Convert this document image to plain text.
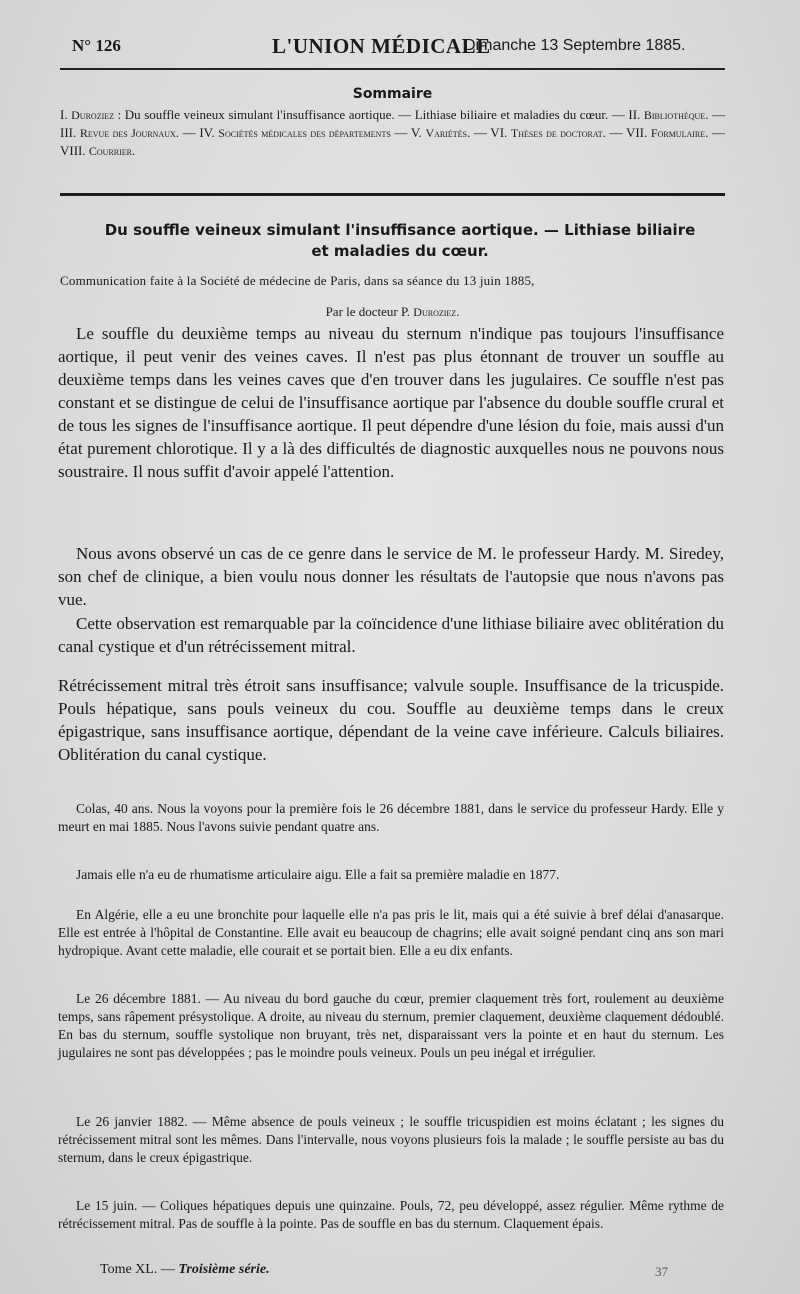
N° 126	L'UNION MÉDICALE
Dimanche 13 Septembre 1885.
Sommaire
I. Duroziez : Du souffle veineux simulant l'insuffisance aortique. — Lithiase biliaire et maladies du cœur. — II. Bibliothèque. — III. Revue des Journaux. — IV. Sociétés médicales des départements — V. Variétés. — VI. Thèses de doctorat. — VII. Formulaire. — VIII. Courrier.
Du souffle veineux simulant l'insuffisance aortique. — Lithiase biliaire
et maladies du cœur.
Communication faite à la Société de médecine de Paris, dans sa séance du 13 juin 1885,
Par le docteur P. Duroziez.

Le souffle du deuxième temps au niveau du sternum n'indique pas toujours l'insuffisance aortique, il peut venir des veines caves. Il n'est pas plus étonnant de trouver un souffle au deuxième temps dans les veines caves que d'en trouver dans les jugulaires. Ce souffle n'est pas constant et se distingue de celui de l'insuffisance aortique par l'absence du double souffle crural et de tous les signes de l'insuffisance aortique. Il peut dépendre d'une lésion du foie, mais aussi d'un état purement chlorotique. Il y a là des difficultés de diagnostic auxquelles nous ne pouvons nous soustraire. Il nous suffit d'avoir appelé l'attention.

Nous avons observé un cas de ce genre dans le service de M. le professeur Hardy. M. Siredey, son chef de clinique, a bien voulu nous donner les résultats de l'autopsie que nous n'avons pas vue.

Cette observation est remarquable par la coïncidence d'une lithiase biliaire avec oblitération du canal cystique et d'un rétrécissement mitral.

Rétrécissement mitral très étroit sans insuffisance; valvule souple. Insuffisance de la tricuspide. Pouls hépatique, sans pouls veineux du cou. Souffle au deuxième temps dans le creux épigastrique, sans insuffisance aortique, dépendant de la veine cave inférieure. Calculs biliaires. Oblitération du canal cystique.

Colas, 40 ans. Nous la voyons pour la première fois le 26 décembre 1881, dans le service du professeur Hardy. Elle y meurt en mai 1885. Nous l'avons suivie pendant quatre ans.

Jamais elle n'a eu de rhumatisme articulaire aigu. Elle a fait sa première maladie en 1877.

En Algérie, elle a eu une bronchite pour laquelle elle n'a pas pris le lit, mais qui a été suivie à bref délai d'anasarque. Elle est entrée à l'hôpital de Constantine. Elle avait eu beaucoup de chagrins; elle avait soigné pendant cinq ans son mari hydropique. Avant cette maladie, elle courait et se portait bien. Elle a eu dix enfants.

Le 26 décembre 1881. — Au niveau du bord gauche du cœur, premier claquement très fort, roulement au deuxième temps, sans râpement présystolique. A droite, au niveau du sternum, premier claquement, deuxième claquement dédoublé. En bas du sternum, souffle systolique non bruyant, très net, disparaissant vers la pointe et en haut du sternum. Les jugulaires ne sont pas développées ; pas le moindre pouls veineux. Pouls un peu inégal et irrégulier.

Le 26 janvier 1882. — Même absence de pouls veineux ; le souffle tricuspidien est moins éclatant ; les signes du rétrécissement mitral sont les mêmes. Dans l'intervalle, nous voyons plusieurs fois la malade ; le souffle persiste au bas du sternum, dans le creux épigastrique.

Le 15 juin. — Coliques hépatiques depuis une quinzaine. Pouls, 72, peu développé, assez régulier. Même rythme de rétrécissement mitral. Pas de souffle à la pointe. Pas de souffle en bas du sternum. Claquement épais.

Tome XL. — Troisième série.	37
